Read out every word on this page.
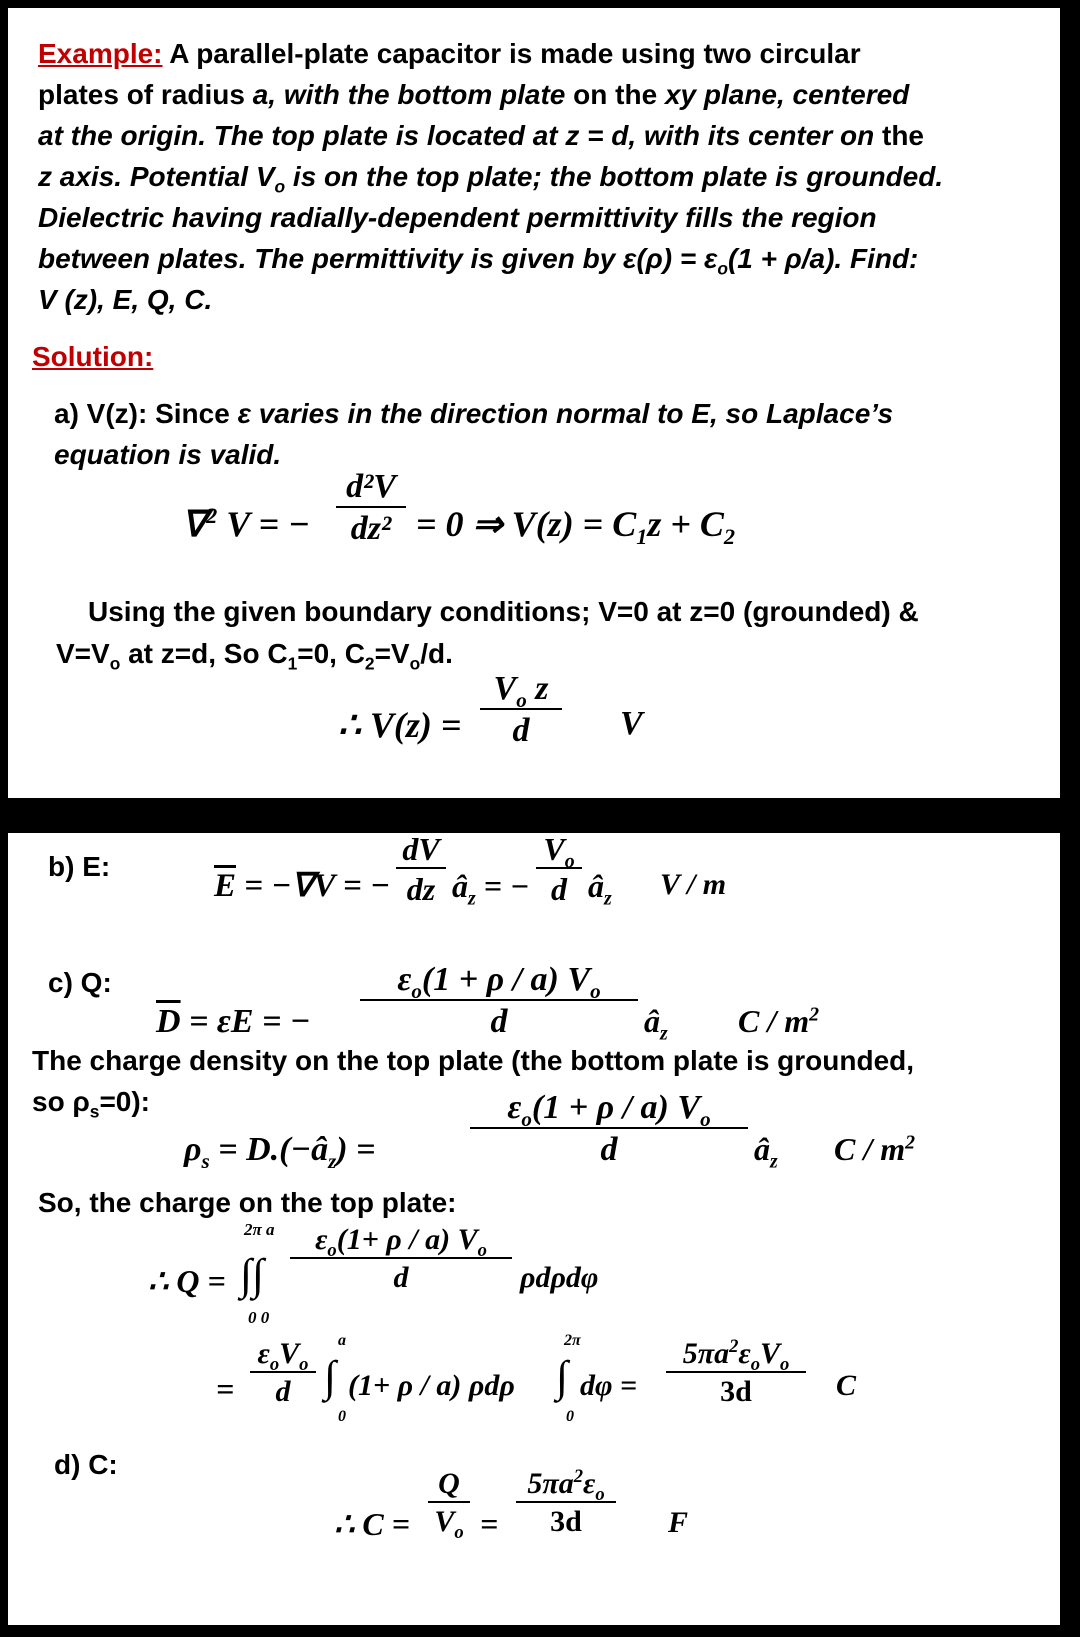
Example: A parallel-plate capacitor is made using two circular
plates of radius a, with the bottom plate on the xy plane, centered
at the origin. The top plate is located at z = d, with its center on the
z axis. Potential $V_o$ is on the top plate; the bottom plate is grounded.
Dielectric having radially-dependent permittivity fills the region
between plates. The permittivity is given by $\varepsilon(\rho) = \varepsilon_o(1 + \rho/a)$. Find:
V (z), E, Q, C.
Solution:
a) V(z): Since ε varies in the direction normal to E, so Laplace’s
equation is valid.
∇$^2$ V = −
d²V
dz² = 0 ⇒ $V(z) = C_1z + C_2$
Using the given boundary conditions; V=0 at z=0 (grounded) &
$V=V_o$ at z=d, So $C_1=0$, $C_2=V_o/d$.
∴ V(z) =
$V_o$ z
d	V
b) E:
$\overline{E} = -\nabla V$ = −
dV
dz $â_z$ = −
$V_o$
d $â_z$ V / m
c) Q:
$\overline{D} = \varepsilon E$ = −
$\varepsilon_o(1 + \rho / a)$ $V_o$
d	$â_z$ C / $m^2$
The charge density on the top plate (the bottom plate is grounded,
so $\rho_s=0$):
$\rho_s$ = $D.(-â_z)$ =
$\varepsilon_o(1 + \rho / a)$ $V_o$
d	$â_z$ C / $m^2$
So, the charge on the top plate:
∴ Q =
2π a
∫∫
0 0
$\varepsilon_o(1+ \rho / a)$ $V_o$
d	ρdρdφ
=
$\varepsilon_oV_o$
d
a
∫
0
(1+ ρ / a) ρdρ
2π
∫
0
dφ =
$5\pi a^2\varepsilon_oV_o$
3d	C
d) C:
∴ C =
Q
$V_o$ =
$5\pi a^2\varepsilon_o$
3d	F
